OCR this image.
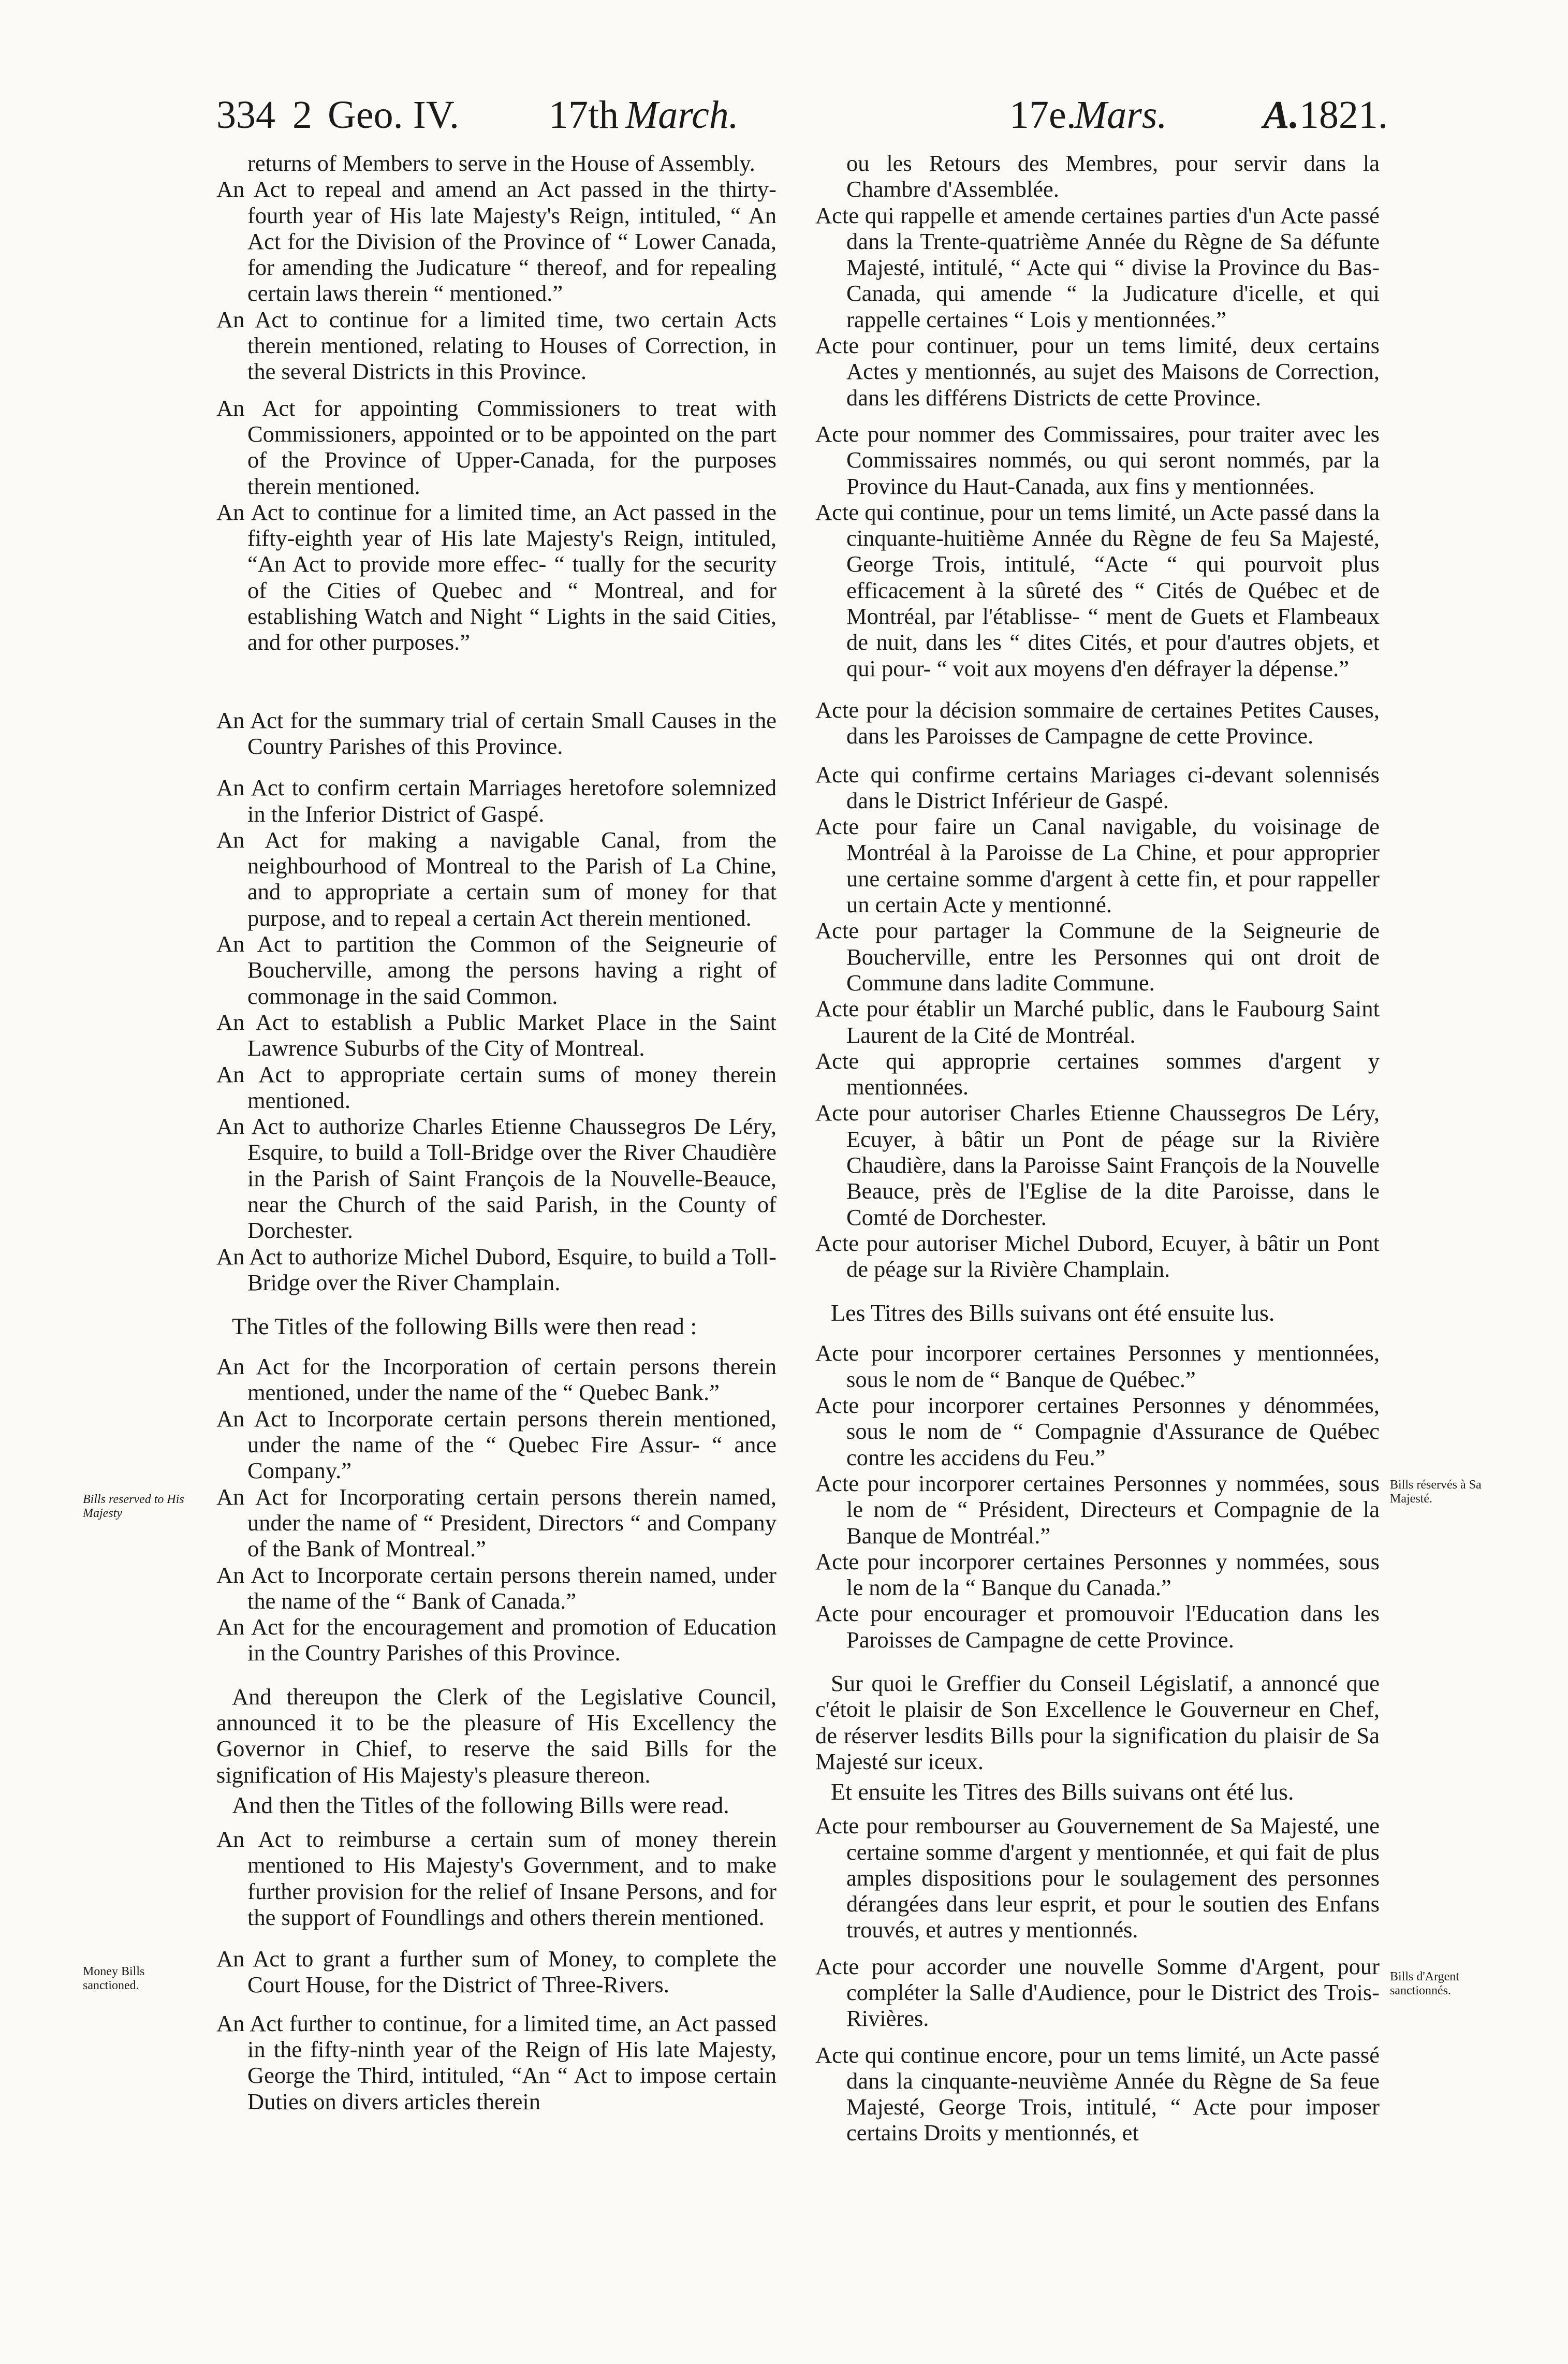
334 2 Geo. IV. 17th March.	17e.
Mars. A. 1821.

returns of Members to serve in the House of Assembly.

An Act to repeal and amend an Act passed in the thirty-fourth year of His late Majesty's Reign, intituled, “ An Act for the Division of the Province of “ Lower Canada, for amending the Judicature “ thereof, and for repealing certain laws therein “ mentioned.”

An Act to continue for a limited time, two certain Acts therein mentioned, relating to Houses of Correction, in the several Districts in this Province.

An Act for appointing Commissioners to treat with Commissioners, appointed or to be appointed on the part of the Province of Upper-Canada, for the purposes therein mentioned.

An Act to continue for a limited time, an Act passed in the fifty-eighth year of His late Majesty's Reign, intituled, “An Act to provide more effec- “ tually for the security of the Cities of Quebec and “ Montreal, and for establishing Watch and Night “ Lights in the said Cities, and for other purposes.”

An Act for the summary trial of certain Small Causes in the Country Parishes of this Province.

An Act to confirm certain Marriages heretofore solemnized in the Inferior District of Gaspé.

An Act for making a navigable Canal, from the neighbourhood of Montreal to the Parish of La Chine, and to appropriate a certain sum of money for that purpose, and to repeal a certain Act therein mentioned.

An Act to partition the Common of the Seigneurie of Boucherville, among the persons having a right of commonage in the said Common.

An Act to establish a Public Market Place in the Saint Lawrence Suburbs of the City of Montreal.

An Act to appropriate certain sums of money therein mentioned.

An Act to authorize Charles Etienne Chaussegros De Léry, Esquire, to build a Toll-Bridge over the River Chaudière in the Parish of Saint François de la Nouvelle-Beauce, near the Church of the said Parish, in the County of Dorchester.

An Act to authorize Michel Dubord, Esquire, to build a Toll-Bridge over the River Champlain.

The Titles of the following Bills were then read :

An Act for the Incorporation of certain persons therein mentioned, under the name of the “ Quebec Bank.”

An Act to Incorporate certain persons therein mentioned, under the name of the “ Quebec Fire Assur- “ ance Company.”

An Act for Incorporating certain persons therein named, under the name of “ President, Directors “ and Company of the Bank of Montreal.”

An Act to Incorporate certain persons therein named, under the name of the “ Bank of Canada.”

An Act for the encouragement and promotion of Education in the Country Parishes of this Province.

And thereupon the Clerk of the Legislative Council, announced it to be the pleasure of His Excellency the Governor in Chief, to reserve the said Bills for the signification of His Majesty's pleasure thereon.

And then the Titles of the following Bills were read.

An Act to reimburse a certain sum of money therein mentioned to His Majesty's Government, and to make further provision for the relief of Insane Persons, and for the support of Foundlings and others therein mentioned.

An Act to grant a further sum of Money, to complete the Court House, for the District of Three-Rivers.

An Act further to continue, for a limited time, an Act passed in the fifty-ninth year of the Reign of His late Majesty, George the Third, intituled, “An “ Act to impose certain Duties on divers articles therein

ou les Retours des Membres, pour servir dans la Chambre d'Assemblée.

Acte qui rappelle et amende certaines parties d'un Acte passé dans la Trente-quatrième Année du Règne de Sa défunte Majesté, intitulé, “ Acte qui “ divise la Province du Bas-Canada, qui amende “ la Judicature d'icelle, et qui rappelle certaines “ Lois y mentionnées.”

Acte pour continuer, pour un tems limité, deux certains Actes y mentionnés, au sujet des Maisons de Correction, dans les différens Districts de cette Province.

Acte pour nommer des Commissaires, pour traiter avec les Commissaires nommés, ou qui seront nommés, par la Province du Haut-Canada, aux fins y mentionnées.

Acte qui continue, pour un tems limité, un Acte passé dans la cinquante-huitième Année du Règne de feu Sa Majesté, George Trois, intitulé, “Acte “ qui pourvoit plus efficacement à la sûreté des “ Cités de Québec et de Montréal, par l'établisse- “ ment de Guets et Flambeaux de nuit, dans les “ dites Cités, et pour d'autres objets, et qui pour- “ voit aux moyens d'en défrayer la dépense.”

Acte pour la décision sommaire de certaines Petites Causes, dans les Paroisses de Campagne de cette Province.

Acte qui confirme certains Mariages ci-devant solennisés dans le District Inférieur de Gaspé.

Acte pour faire un Canal navigable, du voisinage de Montréal à la Paroisse de La Chine, et pour approprier une certaine somme d'argent à cette fin, et pour rappeller un certain Acte y mentionné.

Acte pour partager la Commune de la Seigneurie de Boucherville, entre les Personnes qui ont droit de Commune dans ladite Commune.

Acte pour établir un Marché public, dans le Faubourg Saint Laurent de la Cité de Montréal.

Acte qui approprie certaines sommes d'argent y mentionnées.

Acte pour autoriser Charles Etienne Chaussegros De Léry, Ecuyer, à bâtir un Pont de péage sur la Rivière Chaudière, dans la Paroisse Saint François de la Nouvelle Beauce, près de l'Eglise de la dite Paroisse, dans le Comté de Dorchester.

Acte pour autoriser Michel Dubord, Ecuyer, à bâtir un Pont de péage sur la Rivière Champlain.

Les Titres des Bills suivans ont été ensuite lus.

Acte pour incorporer certaines Personnes y mentionnées, sous le nom de “ Banque de Québec.”

Acte pour incorporer certaines Personnes y dénommées, sous le nom de “ Compagnie d'Assurance de Québec contre les accidens du Feu.”

Acte pour incorporer certaines Personnes y nommées, sous le nom de “ Président, Directeurs et Compagnie de la Banque de Montréal.”

Acte pour incorporer certaines Personnes y nommées, sous le nom de la “ Banque du Canada.”

Acte pour encourager et promouvoir l'Education dans les Paroisses de Campagne de cette Province.

Sur quoi le Greffier du Conseil Législatif, a annoncé que c'étoit le plaisir de Son Excellence le Gouverneur en Chef, de réserver lesdits Bills pour la signification du plaisir de Sa Majesté sur iceux.

Et ensuite les Titres des Bills suivans ont été lus.

Acte pour rembourser au Gouvernement de Sa Majesté, une certaine somme d'argent y mentionnée, et qui fait de plus amples dispositions pour le soulagement des personnes dérangées dans leur esprit, et pour le soutien des Enfans trouvés, et autres y mentionnés.

Acte pour accorder une nouvelle Somme d'Argent, pour compléter la Salle d'Audience, pour le District des Trois-Rivières.

Acte qui continue encore, pour un tems limité, un Acte passé dans la cinquante-neuvième Année du Règne de Sa feue Majesté, George Trois, intitulé, “ Acte pour imposer certains Droits y mentionnés, et

Bills reserved to His Majesty
Bills réservés à Sa Majesté.
Money Bills sanctioned.
Bills d'Argent sanctionnés.
